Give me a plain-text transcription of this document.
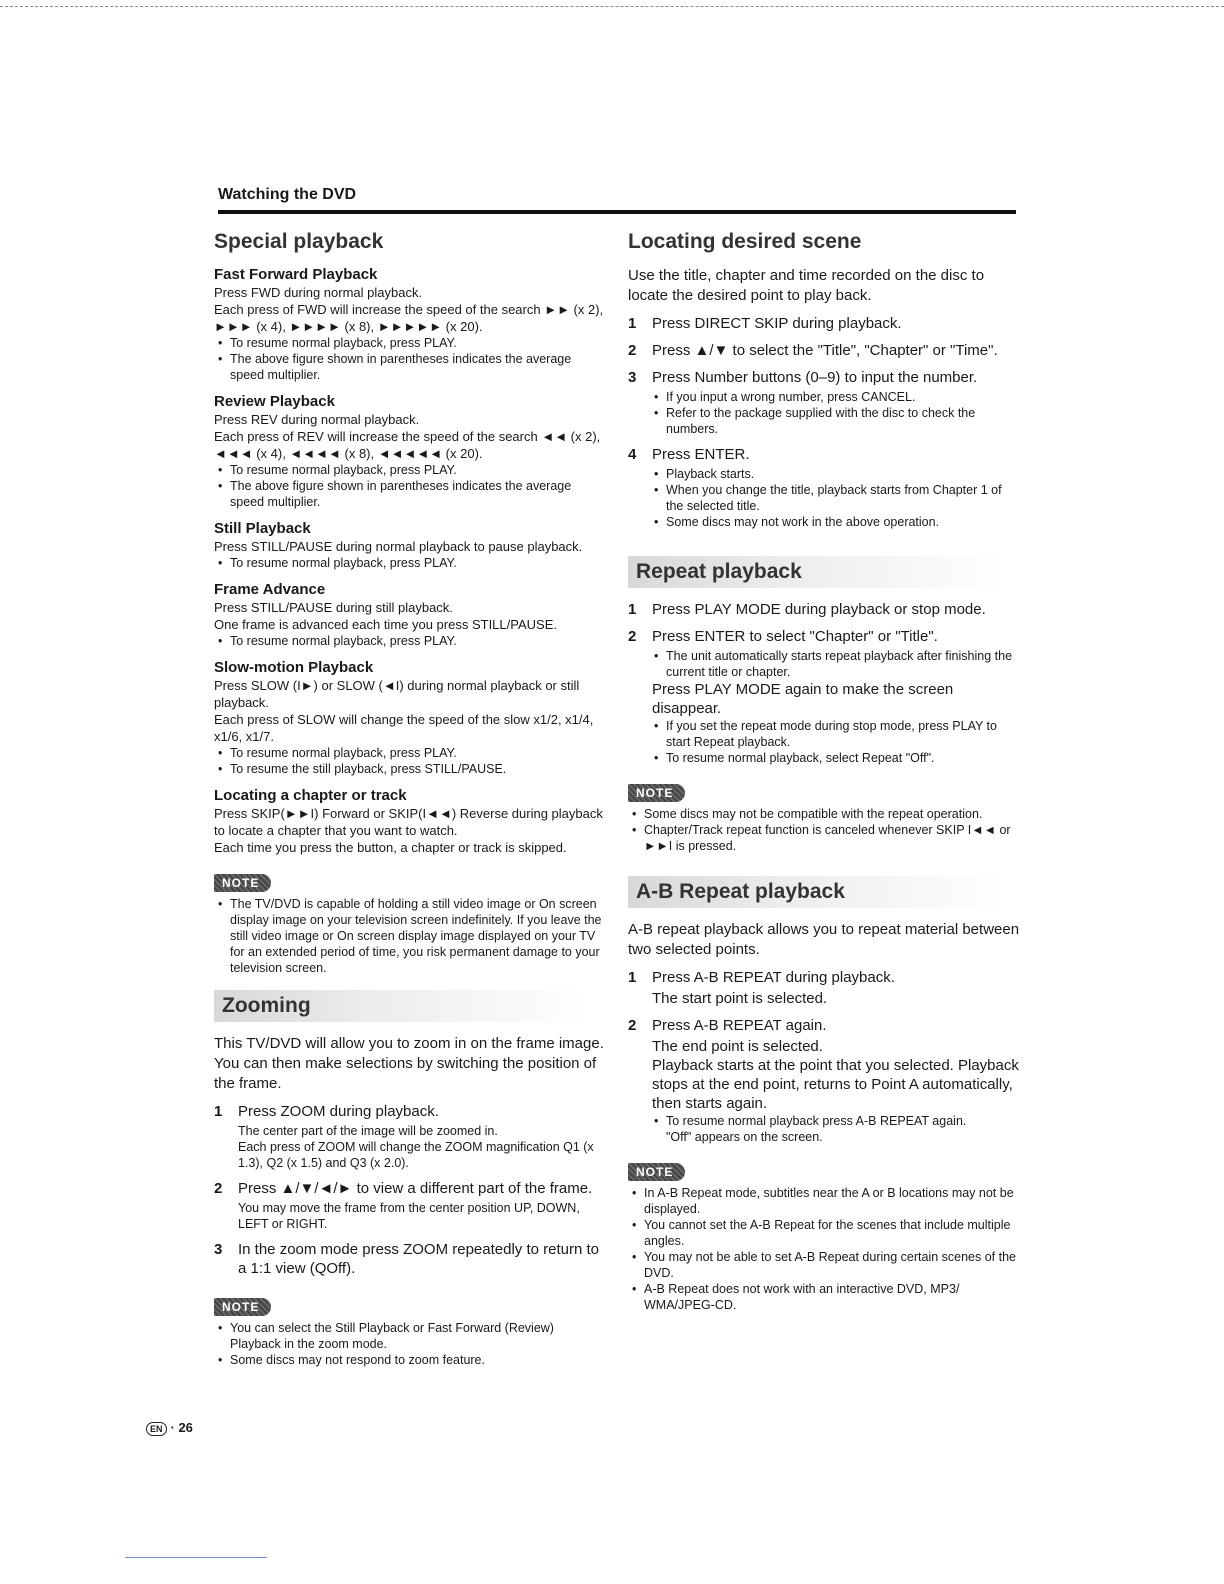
Watching the DVD
Special playback
Fast Forward Playback

Press FWD during normal playback.

Each press of FWD will increase the speed of the search ►► (x 2), ►►► (x 4), ►►►► (x 8), ►►►►► (x 20).

• To resume normal playback, press PLAY.

• The above figure shown in parentheses indicates the average speed multiplier.

Review Playback

Press REV during normal playback.

Each press of REV will increase the speed of the search ◄◄ (x 2), ◄◄◄ (x 4), ◄◄◄◄ (x 8), ◄◄◄◄◄ (x 20).

• To resume normal playback, press PLAY.

• The above figure shown in parentheses indicates the average speed multiplier.

Still Playback

Press STILL/PAUSE during normal playback to pause playback.

• To resume normal playback, press PLAY.

Frame Advance

Press STILL/PAUSE during still playback.

One frame is advanced each time you press STILL/PAUSE.

• To resume normal playback, press PLAY.

Slow-motion Playback

Press SLOW (I►) or SLOW (◄I) during normal playback or still playback.

Each press of SLOW will change the speed of the slow x1/2, x1/4, x1/6, x1/7.

• To resume normal playback, press PLAY.

• To resume the still playback, press STILL/PAUSE.

Locating a chapter or track

Press SKIP(►►I) Forward or SKIP(I◄◄) Reverse during playback to locate a chapter that you want to watch.

Each time you press the button, a chapter or track is skipped.

NOTE

• The TV/DVD is capable of holding a still video image or On screen display image on your television screen indefinitely. If you leave the still video image or On screen display image displayed on your TV for an extended period of time, you risk permanent damage to your television screen.

Zooming

This TV/DVD will allow you to zoom in on the frame image. You can then make selections by switching the position of the frame.

1 Press ZOOM during playback.

The center part of the image will be zoomed in.

Each press of ZOOM will change the ZOOM magnification Q1 (x 1.3), Q2 (x 1.5) and Q3 (x 2.0).

2 Press ▲/▼/◄/► to view a different part of the frame.

You may move the frame from the center position UP, DOWN, LEFT or RIGHT.

3 In the zoom mode press ZOOM repeatedly to return to a 1:1 view (QOff).
NOTE

• You can select the Still Playback or Fast Forward (Review) Playback in the zoom mode.

• Some discs may not respond to zoom feature.

Locating desired scene

Use the title, chapter and time recorded on the disc to locate the desired point to play back.

1 Press DIRECT SKIP during playback.
2 Press ▲/▼ to select the "Title", "Chapter" or "Time".
3 Press Number buttons (0–9) to input the number.

• If you input a wrong number, press CANCEL.

• Refer to the package supplied with the disc to check the numbers.

4 Press ENTER.

• Playback starts.

• When you change the title, playback starts from Chapter 1 of the selected title.

• Some discs may not work in the above operation.

Repeat playback
1 Press PLAY MODE during playback or stop mode.
2 Press ENTER to select "Chapter" or "Title".

• The unit automatically starts repeat playback after finishing the current title or chapter.

Press PLAY MODE again to make the screen disappear.

• If you set the repeat mode during stop mode, press PLAY to start Repeat playback.

• To resume normal playback, select Repeat "Off".

NOTE

• Some discs may not be compatible with the repeat operation.

• Chapter/Track repeat function is canceled whenever SKIP I◄◄ or ►►I is pressed.

A-B Repeat playback

A-B repeat playback allows you to repeat material between two selected points.

1 Press A-B REPEAT during playback.

The start point is selected.

2 Press A-B REPEAT again.

The end point is selected.

Playback starts at the point that you selected. Playback stops at the end point, returns to Point A automatically, then starts again.

• To resume normal playback press A-B REPEAT again.

"Off" appears on the screen.

NOTE

• In A-B Repeat mode, subtitles near the A or B locations may not be displayed.

• You cannot set the A-B Repeat for the scenes that include multiple angles.

• You may not be able to set A-B Repeat during certain scenes of the DVD.

• A-B Repeat does not work with an interactive DVD, MP3/ WMA/JPEG-CD.

EN · 26
